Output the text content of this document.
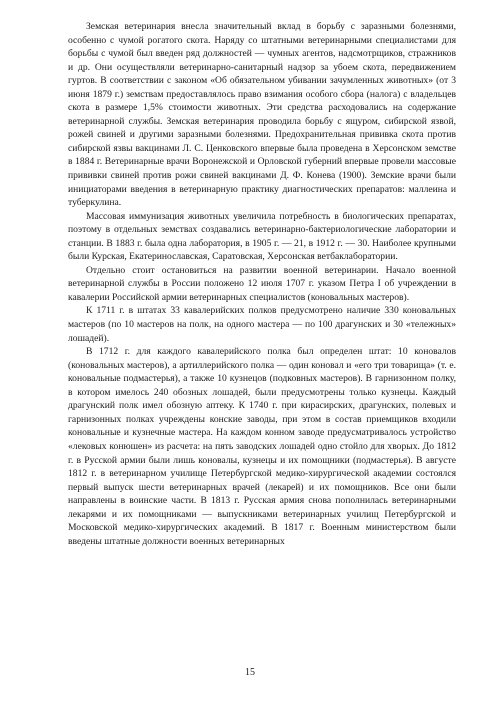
Земская ветеринария внесла значительный вклад в борьбу с заразными болезнями, особенно с чумой рогатого скота. Наряду со штатными ветеринарными специалистами для борьбы с чумой был введен ряд должностей — чумных агентов, надсмотрщиков, стражников и др. Они осуществляли ветеринарно-санитарный надзор за убоем скота, передвижением гуртов. В соответствии с законом «Об обязательном убивании зачумленных животных» (от 3 июня 1879 г.) земствам предоставлялось право взимания особого сбора (налога) с владельцев скота в размере 1,5% стоимости животных. Эти средства расходовались на содержание ветеринарной службы. Земская ветеринария проводила борьбу с ящуром, сибирской язвой, рожей свиней и другими заразными болезнями. Предохранительная прививка скота против сибирской язвы вакцинами Л. С. Ценковского впервые была проведена в Херсонском земстве в 1884 г. Ветеринарные врачи Воронежской и Орловской губерний впервые провели массовые прививки свиней против рожи свиней вакцинами Д. Ф. Конева (1900). Земские врачи были инициаторами введения в ветеринарную практику диагностических препаратов: маллеина и туберкулина.

Массовая иммунизация животных увеличила потребность в биологических препаратах, поэтому в отдельных земствах создавались ветеринарно-бактериологические лаборатории и станции. В 1883 г. была одна лаборатория, в 1905 г. — 21, в 1912 г. — 30. Наиболее крупными были Курская, Екатеринославская, Саратовская, Херсонская ветбаклаборатории.

Отдельно стоит остановиться на развитии военной ветеринарии. Начало военной ветеринарной службы в России положено 12 июля 1707 г. указом Петра I об учреждении в кавалерии Российской армии ветеринарных специалистов (коновальных мастеров).

К 1711 г. в штатах 33 кавалерийских полков предусмотрено наличие 330 коновальных мастеров (по 10 мастеров на полк, на одного мастера — по 100 драгунских и 30 «тележных» лошадей).

В 1712 г. для каждого кавалерийского полка был определен штат: 10 коновалов (коновальных мастеров), а артиллерийского полка — один коновал и «его три товарища» (т. е. коновальные подмастерья), а также 10 кузнецов (подковных мастеров). В гарнизонном полку, в котором имелось 240 обозных лошадей, были предусмотрены только кузнецы. Каждый драгунский полк имел обозную аптеку. К 1740 г. при кирасирских, драгунских, полевых и гарнизонных полках учреждены конские заводы, при этом в состав приемщиков входили коновальные и кузнечные мастера. На каждом конном заводе предусматривалось устройство «лековых конюшен» из расчета: на пять заводских лошадей одно стойло для хворых. До 1812 г. в Русской армии были лишь коновалы, кузнецы и их помощники (подмастерья). В августе 1812 г. в ветеринарном училище Петербургской медико-хирургической академии состоялся первый выпуск шести ветеринарных врачей (лекарей) и их помощников. Все они были направлены в воинские части. В 1813 г. Русская армия снова пополнилась ветеринарными лекарями и их помощниками — выпускниками ветеринарных училищ Петербургской и Московской медико-хирургических академий. В 1817 г. Военным министерством были введены штатные должности военных ветеринарных

15
